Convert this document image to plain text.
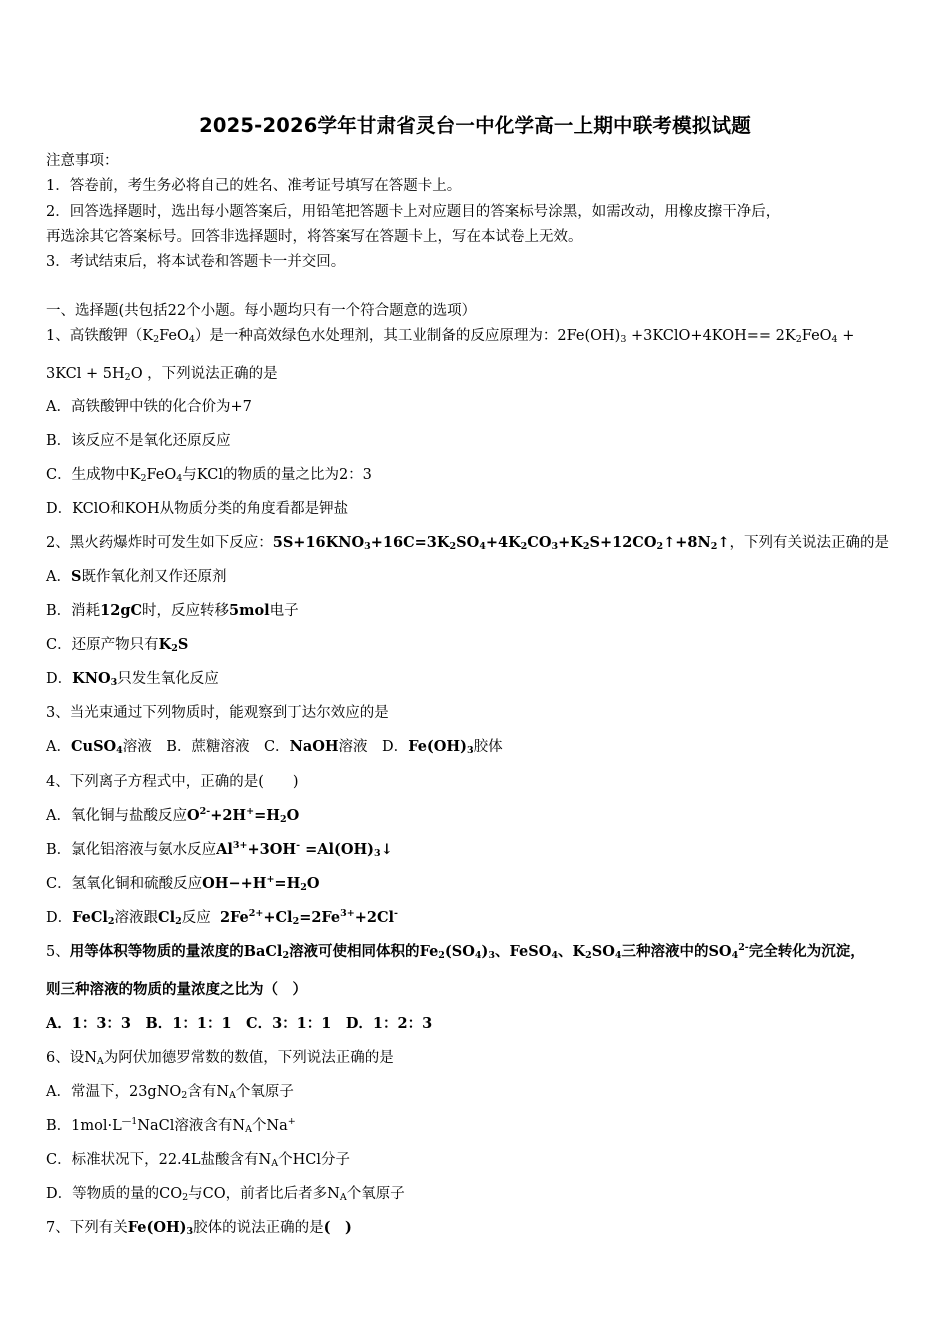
2025-2026学年甘肃省灵台一中化学高一上期中联考模拟试题
注意事项：
1．答卷前，考生务必将自己的姓名、准考证号填写在答题卡上。
2．回答选择题时，选出每小题答案后，用铅笔把答题卡上对应题目的答案标号涂黑，如需改动，用橡皮擦干净后，
再选涂其它答案标号。回答非选择题时，将答案写在答题卡上，写在本试卷上无效。
3．考试结束后，将本试卷和答题卡一并交回。
一、选择题(共包括22个小题。每小题均只有一个符合题意的选项）
1、高铁酸钾$(K_2FeO_4)$是一种高效绿色水处理剂，其工业制备的反应原理为：$2Fe(OH)_3$ +3KClO+4KOH== $2K_2FeO_4$ +
$3KCl + 5H_2O$ ，下列说法正确的是
A．高铁酸钾中铁的化合价为+7
B．该反应不是氧化还原反应
C．生成物中$K_2FeO_4$与KCl的物质的量之比为2：3
D．KClO和KOH从物质分类的角度看都是钾盐
2、黑火药爆炸时可发生如下反应：$5S+16KNO_3+16C=3K_2SO_4+4K_2CO_3+K_2S+12CO_2↑+8N_2↑$，下列有关说法正确的是
A．S既作氧化剂又作还原剂
B．消耗12gC时，反应转移5mol电子
C．还原产物只有$K_2S$
D．$KNO_3$只发生氧化反应
3、当光束通过下列物质时，能观察到丁达尔效应的是
A．CuSO$_4$溶液　 B．蔗糖溶液　 C．NaOH溶液　 D．$Fe(OH)_3$胶体
4、下列离子方程式中，正确的是(　　)
A．氧化铜与盐酸反应$O^{2-}+2H^+=H_2O$
B．氯化铝溶液与氨水反应$Al^{3+}+3OH^-$ $=Al(OH)_3↓$
C．氢氧化铜和硫酸反应$OH-+H^+=H_2O$
D．FeCl$_2$溶液跟$Cl_2$反应 $2Fe^{2+}+Cl_2=2Fe^{3+}+2Cl^-$
5、用等体积等物质的量浓度的BaCl$_2$溶液可使相同体积的$Fe_2(SO_4)_3$、FeSO$_4$、$K_2SO_4$三种溶液中的$SO_4^{2-}$完全转化为沉淀，
则三种溶液的物质的量浓度之比为（　）
A．1：3：3　B．1：1：1　C．3：1：1　D．1：2：3
6、设$N_A$为阿伏加德罗常数的数值，下列说法正确的是
A．常温下，23gNO$_2$含有$N_A$个氧原子
B．$1mol\cdot L^{—1}NaCl$溶液含有$N_A$个Na+
C．标准状况下，22.4L盐酸含有$N_A$个HCl分子
D．等物质的量的$CO_2$与CO，前者比后者多$N_A$个氧原子
7、下列有关$Fe(OH)_3$胶体的说法正确的是(　)
